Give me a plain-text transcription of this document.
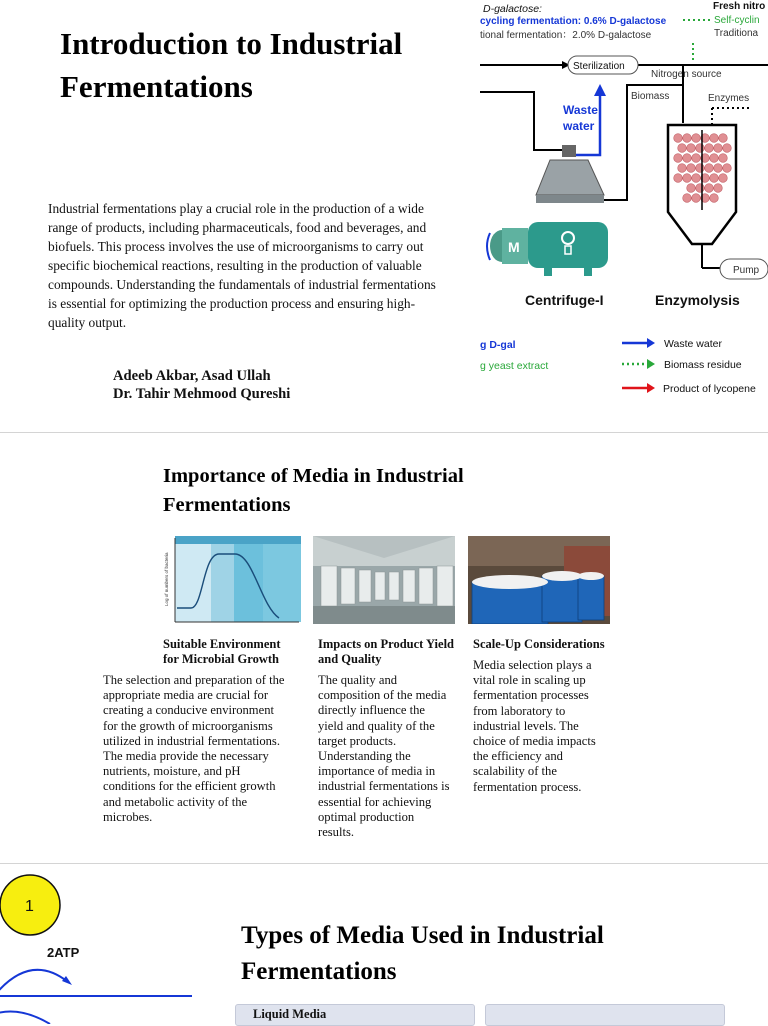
Introduction to Industrial Fermentations

Industrial fermentations play a crucial role in the production of a wide range of products, including pharmaceuticals, food and beverages, and biofuels. This process involves the use of microorganisms to carry out specific biochemical reactions, resulting in the production of valuable compounds. Understanding the fundamentals of industrial fermentations is essential for optimizing the production process and ensuring high-quality output.

Adeeb Akbar, Asad Ullah
Dr. Tahir Mehmood Qureshi
D-galactose:
cycling fermentation: 0.6% D-galactose
tional fermentation：2.0% D-galactose
Fresh nitro
Self-cyclin
Traditiona
Sterilization
Nitrogen source
Waste
water
Biomass	Enzymes
M
Pump
Centrifuge-I	Enzymolysis
g D-gal
g yeast extract
Waste water
Biomass residue
Product of lycopene
Importance of Media in Industrial Fermentations
Log of numbers of bacteria
Suitable Environment for Microbial Growth
The selection and preparation of the appropriate media are crucial for creating a conducive environment for the growth of microorganisms utilized in industrial fermentations. The media provide the necessary nutrients, moisture, and pH conditions for the efficient growth and metabolic activity of the microbes.
Impacts on Product Yield and Quality
The quality and composition of the media directly influence the yield and quality of the target products. Understanding the importance of media in industrial fermentations is essential for achieving optimal production results.
Scale-Up Considerations
Media selection plays a vital role in scaling up fermentation processes from laboratory to industrial levels. The choice of media impacts the efficiency and scalability of the fermentation process.
1
2ATP
Types of Media Used in Industrial Fermentations
Liquid Media
